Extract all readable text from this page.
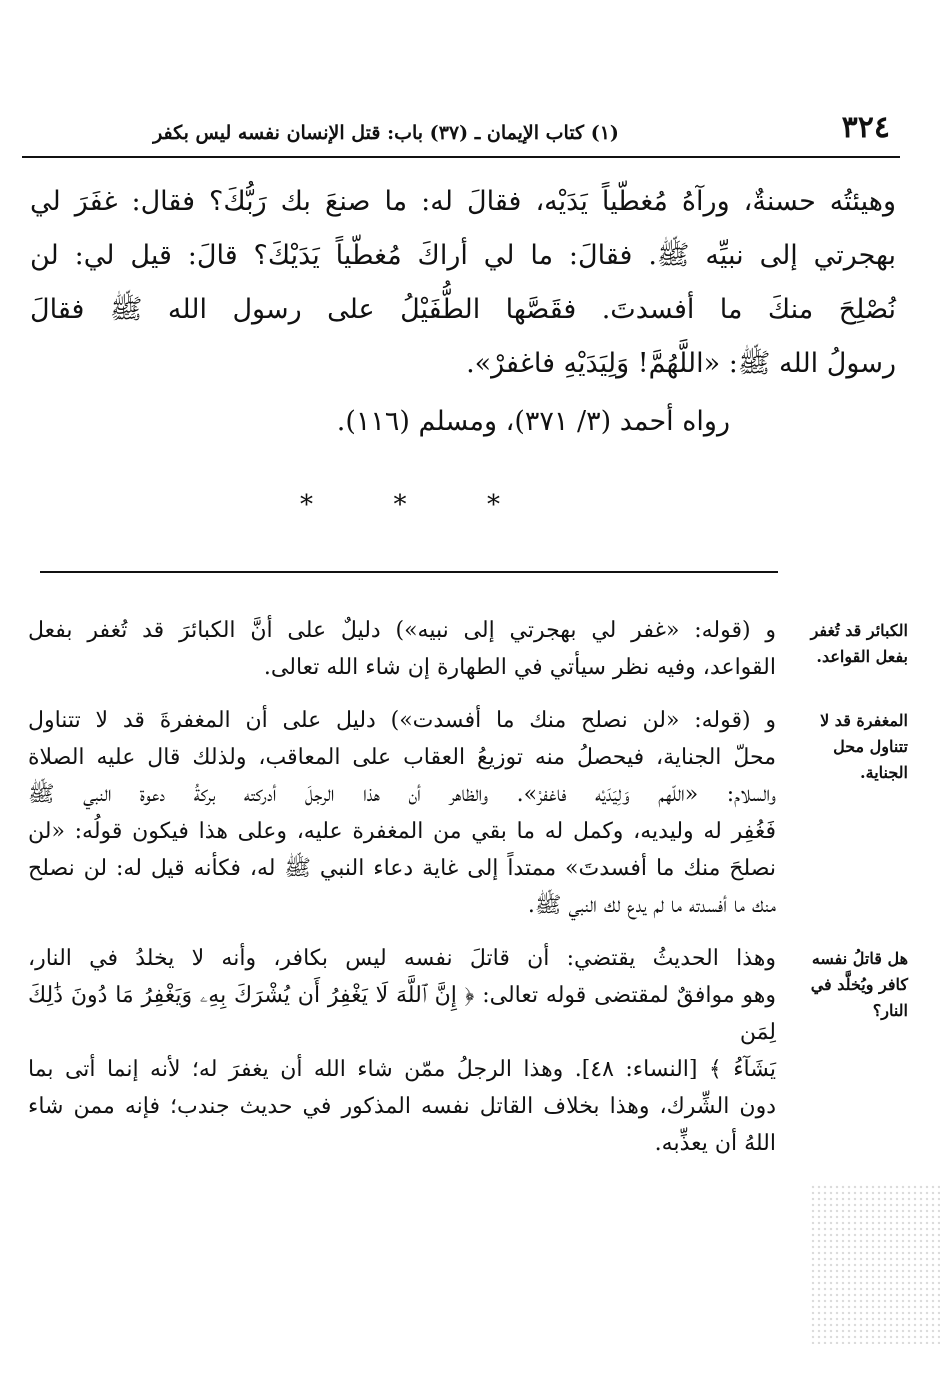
٣٢٤
(١) كتاب الإيمان ـ (٣٧) باب: قتل الإنسان نفسه ليس بكفر

وهيئتُه حسنةٌ، ورآهُ مُغطّياً يَدَيْه، فقالَ له: ما صنعَ بك رَبُّكَ؟ فقال: غفَرَ لي

بهجرتي إلى نبيِّه ﷺ. فقالَ: ما لي أراكَ مُغطّياً يَدَيْكَ؟ قالَ: قيل لي: لن

نُصْلِحَ منكَ ما أفسدتَ. فقَصَّها الطُّفَيْلُ على رسول الله ﷺ فقالَ

رسولُ الله ﷺ: «اللَّهُمَّ! وَلِيَدَيْهِ فاغفرْ».

رواه أحمد (٣/ ٣٧١)، ومسلم (١١٦).
*	*	*
الكبائر قد تُغفر بفعل القواعد.
و (قوله: «غفر لي بهجرتي إلى نبيه») دليلٌ على أنَّ الكبائرَ قد تُغفر بفعل
القواعد، وفيه نظر سيأتي في الطهارة إن شاء الله تعالى.
المغفرة قد لا تتناول محل الجناية.
و (قوله: «لن نصلح منك ما أفسدت») دليل على أن المغفرةَ قد لا تتناول
محلّ الجناية، فيحصلُ منه توزيعُ العقاب على المعاقب، ولذلك قال عليه الصلاة
والسلام: «اللّهم وَلِيَدَيْه فاغفرْ». والظاهر أن هذا الرجلَ أدركته بركةُ دعوة النبي ﷺ
فَغُفِر له وليديه، وكمل له ما بقي من المغفرة عليه، وعلى هذا فيكون قولُه: «لن
نصلحَ منك ما أفسدتَ» ممتداً إلى غاية دعاء النبي ﷺ له، فكأنه قيل له: لن نصلح
منك ما أفسدته ما لم يدع لك النبي ﷺ.
هل قاتلُ نفسه كافر ويُخلَّد في النار؟
وهذا الحديثُ يقتضي: أن قاتلَ نفسه ليس بكافر، وأنه لا يخلدُ في النار،
وهو موافقٌ لمقتضى قوله تعالى: ﴿ إِنَّ ٱللَّهَ لَا يَغْفِرُ أَن يُشْرَكَ بِهِۦ وَيَغْفِرُ مَا دُونَ ذَٰلِكَ لِمَن
يَشَآءُ ﴾ [النساء: ٤٨]. وهذا الرجلُ ممّن شاء الله أن يغفرَ له؛ لأنه إنما أتى بما
دون الشِّرك، وهذا بخلاف القاتل نفسه المذكور في حديث جندب؛ فإنه ممن شاء
اللهُ أن يعذِّبه.
